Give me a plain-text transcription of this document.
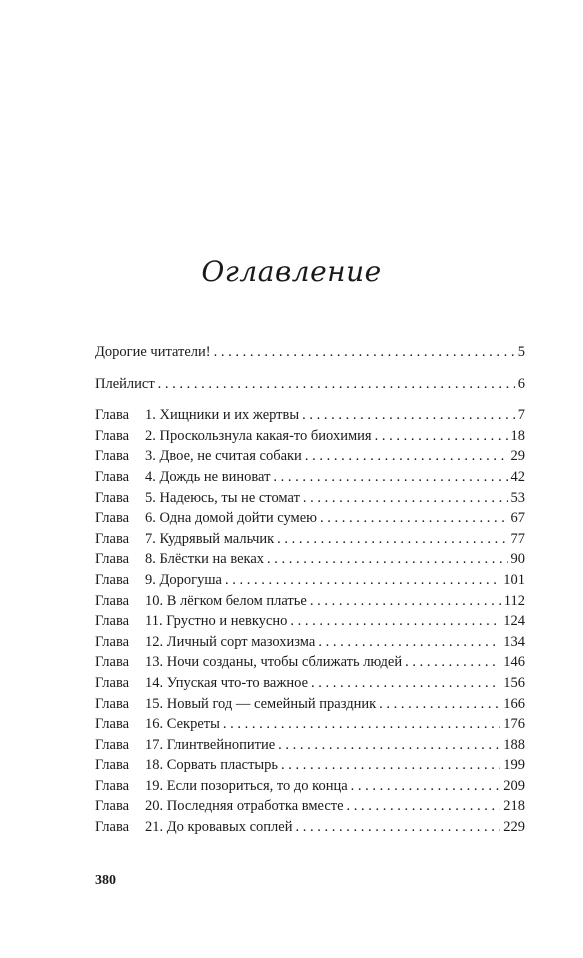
Оглавление
Дорогие читатели! . . .	5
Плейлист . . .	6
Глава	1. Хищники и их жертвы . . .	7
Глава	2. Проскользнула какая-то биохимия . . .	18
Глава	3. Двое, не считая собаки . . .	29
Глава	4. Дождь не виноват . . .	42
Глава	5. Надеюсь, ты не стомат . . .	53
Глава	6. Одна домой дойти сумею . . .	67
Глава	7. Кудрявый мальчик . . .	77
Глава	8. Блёстки на веках . . .	90
Глава	9. Дорогуша . . .	101
Глава	10. В лёгком белом платье . . .	112
Глава	11. Грустно и невкусно . . .	124
Глава	12. Личный сорт мазохизма . . .	134
Глава	13. Ночи созданы, чтобы сближать людей . . .	146
Глава	14. Упуская что-то важное . . .	156
Глава	15. Новый год — семейный праздник . . .	166
Глава	16. Секреты . . .	176
Глава	17. Глинтвейнопитие . . .	188
Глава	18. Сорвать пластырь . . .	199
Глава	19. Если позориться, то до конца . . .	209
Глава	20. Последняя отработка вместе . . .	218
Глава	21. До кровавых соплей . . .	229
380
